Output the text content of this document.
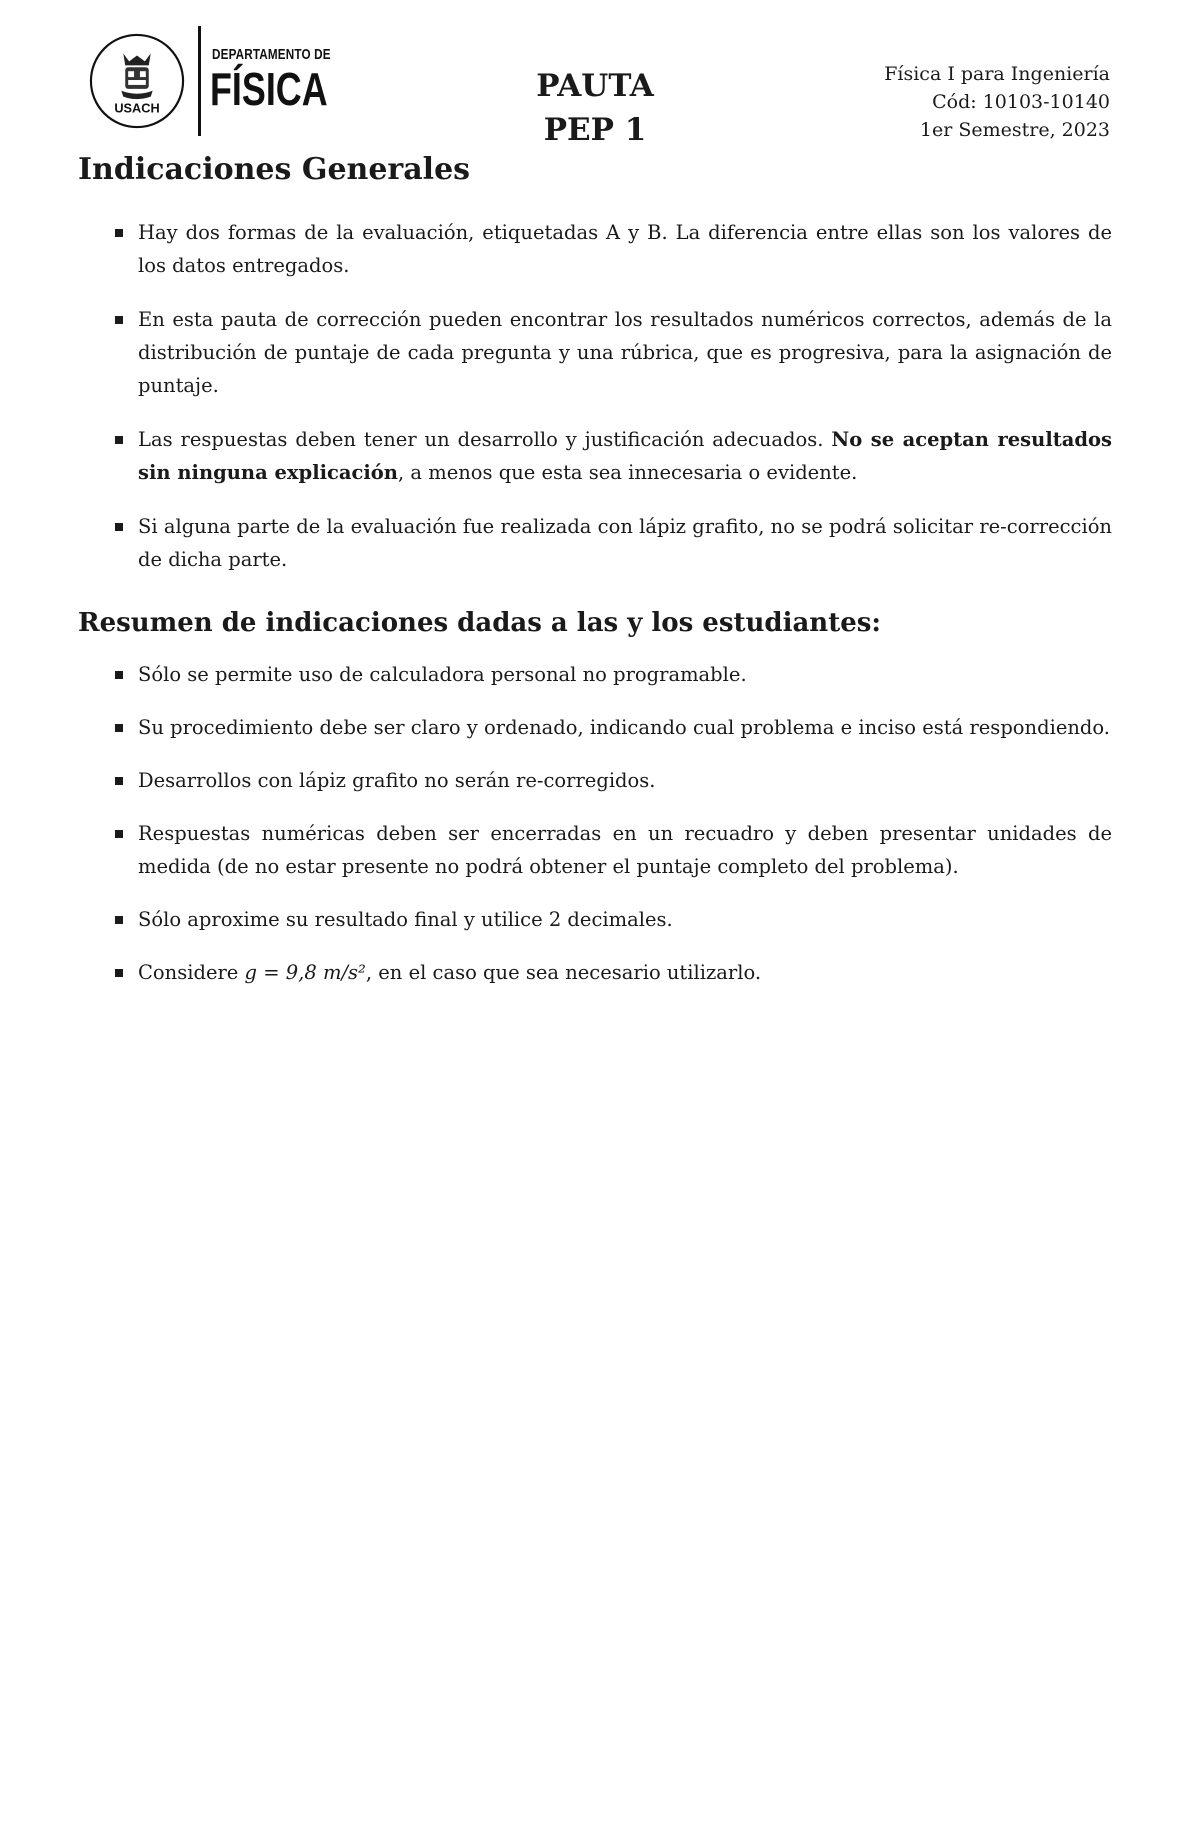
USACH
DEPARTAMENTO DE
FÍSICA	PAUTA
PEP 1
Física I para Ingeniería
Cód: 10103-10140
1er Semestre, 2023
Indicaciones Generales
Hay dos formas de la evaluación, etiquetadas A y B. La diferencia entre ellas son los valores de los datos entregados.
En esta pauta de corrección pueden encontrar los resultados numéricos correctos, además de la distribución de puntaje de cada pregunta y una rúbrica, que es progresiva, para la asignación de puntaje.
Las respuestas deben tener un desarrollo y justificación adecuados. No se aceptan resultados sin ninguna explicación, a menos que esta sea innecesaria o evidente.
Si alguna parte de la evaluación fue realizada con lápiz grafito, no se podrá solicitar re-corrección de dicha parte.
Resumen de indicaciones dadas a las y los estudiantes:
Sólo se permite uso de calculadora personal no programable.
Su procedimiento debe ser claro y ordenado, indicando cual problema e inciso está respondiendo.
Desarrollos con lápiz grafito no serán re-corregidos.
Respuestas numéricas deben ser encerradas en un recuadro y deben presentar unidades de medida (de no estar presente no podrá obtener el puntaje completo del problema).
Sólo aproxime su resultado final y utilice 2 decimales.
Considere g = 9,8 m/s², en el caso que sea necesario utilizarlo.
